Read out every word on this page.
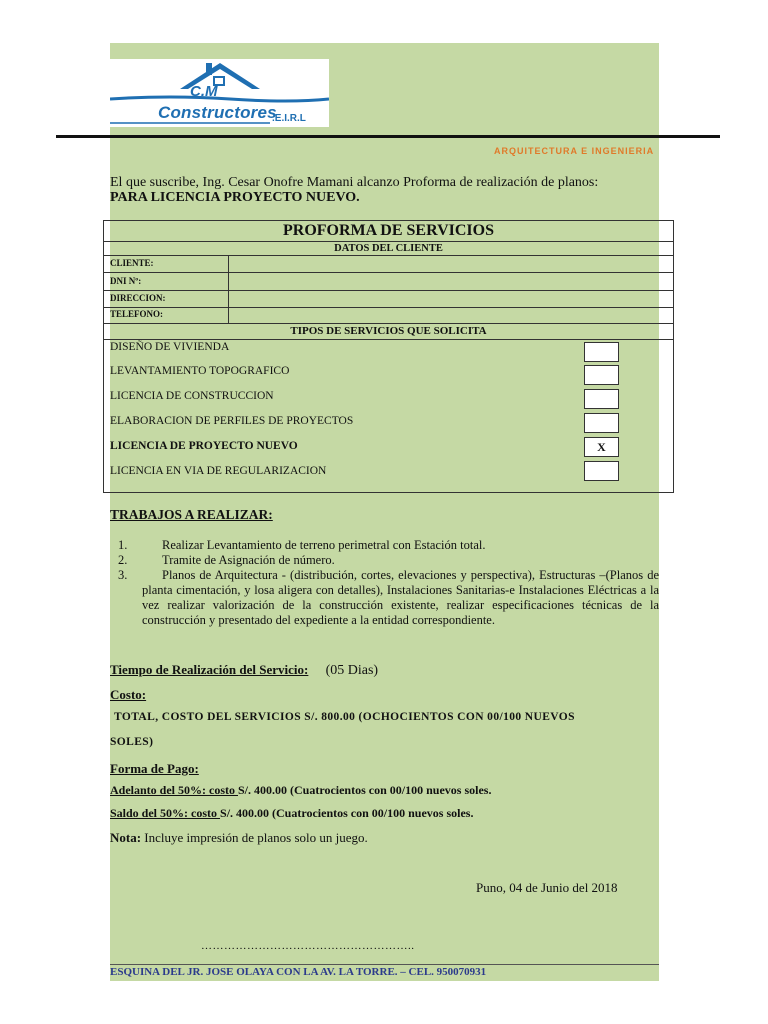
C.M
Constructores
.E.I.R.L
ARQUITECTURA E INGENIERIA
El que suscribe, Ing. Cesar Onofre Mamani alcanzo Proforma de realización de planos:
PARA LICENCIA PROYECTO NUEVO.
PROFORMA DE SERVICIOS
DATOS DEL CLIENTE
CLIENTE:
DNI Nº:
DIRECCION:
TELEFONO:
TIPOS DE SERVICIOS QUE SOLICITA
DISEÑO DE VIVIENDA
LEVANTAMIENTO TOPOGRAFICO
LICENCIA DE CONSTRUCCION
ELABORACION DE PERFILES DE PROYECTOS
LICENCIA DE PROYECTO NUEVO	X
LICENCIA EN VIA DE REGULARIZACION
TRABAJOS A REALIZAR:
1.	Realizar Levantamiento de terreno perimetral con Estación total.
2.	Tramite de Asignación de número.
3.	Planos de Arquitectura - (distribución, cortes, elevaciones y perspectiva), Estructuras –(Planos de planta cimentación, y losa aligera con detalles), Instalaciones Sanitarias-e Instalaciones Eléctricas a la vez realizar valorización de la construcción existente, realizar especificaciones técnicas de la construcción y presentado del expediente a la entidad correspondiente.
Tiempo de Realización del Servicio: (05 Dias)
Costo:
TOTAL, COSTO DEL SERVICIOS S/. 800.00 (OCHOCIENTOS CON 00/100 NUEVOS
SOLES)
Forma de Pago:
Adelanto del 50%: costo S/. 400.00 (Cuatrocientos con 00/100 nuevos soles.
Saldo del 50%: costo S/. 400.00 (Cuatrocientos con 00/100 nuevos soles.
Nota: Incluye impresión de planos solo un juego.
Puno, 04 de Junio del 2018
………………………………………………..
ESQUINA DEL JR. JOSE OLAYA CON LA AV. LA TORRE. – CEL. 950070931
